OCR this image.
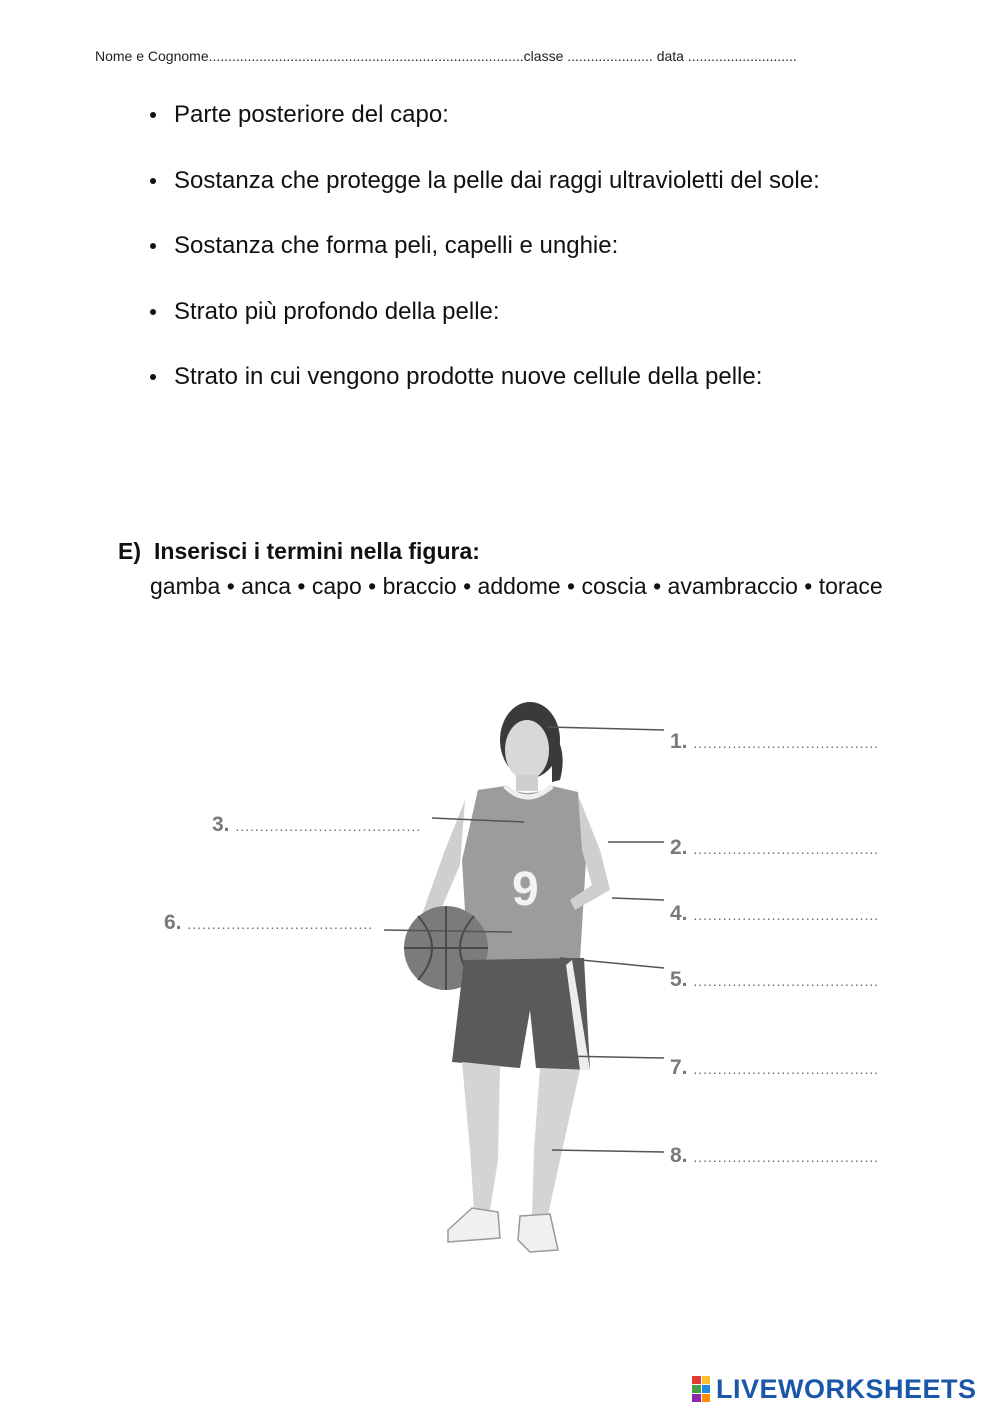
Nome e Cognome.................................................................................classe ...................... data ............................
Parte posteriore del capo:
Sostanza che protegge la pelle dai raggi ultravioletti del sole:
Sostanza che forma peli, capelli e unghie:
Strato più profondo della pelle:
Strato in cui vengono prodotte nuove cellule della pelle:
E) Inserisci i termini nella figura:
gamba • anca • capo • braccio • addome • coscia • avambraccio • torace
9
1. ......................................
2. ......................................
3. ......................................
4. ......................................
5. ......................................
6. ......................................
7. ......................................
8. ......................................
LIVEWORKSHEETS
